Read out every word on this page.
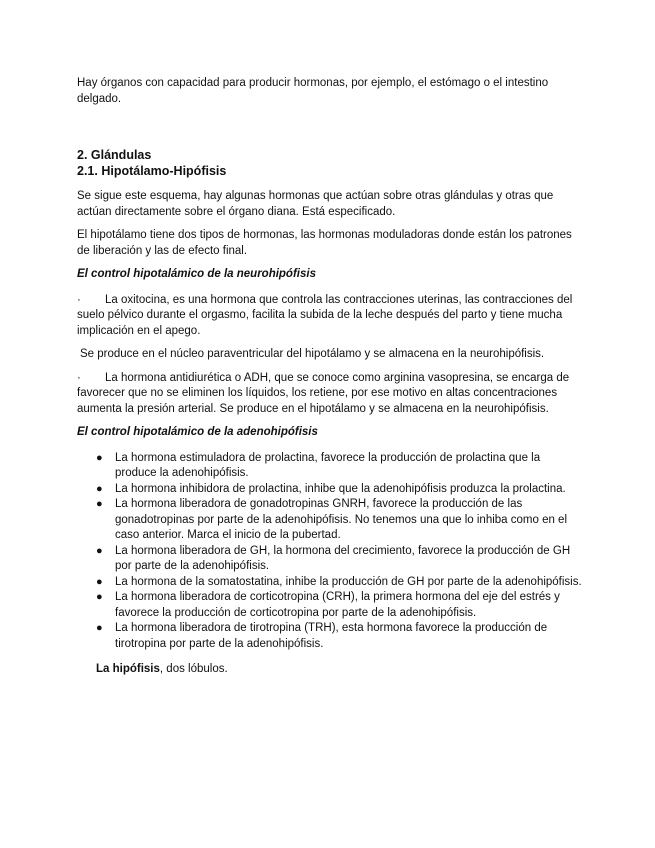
Hay órganos con capacidad para producir hormonas, por ejemplo, el estómago o el intestino delgado.

2. Glándulas
2.1. Hipotálamo-Hipófisis

Se sigue este esquema, hay algunas hormonas que actúan sobre otras glándulas y otras que actúan directamente sobre el órgano diana. Está especificado.

El hipotálamo tiene dos tipos de hormonas, las hormonas moduladoras donde están los patrones de liberación y las de efecto final.

El control hipotalámico de la neurohipófisis

· La oxitocina, es una hormona que controla las contracciones uterinas, las contracciones del suelo pélvico durante el orgasmo, facilita la subida de la leche después del parto y tiene mucha implicación en el apego.

Se produce en el núcleo paraventricular del hipotálamo y se almacena en la neurohipófisis.

· La hormona antidiurética o ADH, que se conoce como arginina vasopresina, se encarga de favorecer que no se eliminen los líquidos, los retiene, por ese motivo en altas concentraciones aumenta la presión arterial. Se produce en el hipotálamo y se almacena en la neurohipófisis.

El control hipotalámico de la adenohipófisis

● La hormona estimuladora de prolactina, favorece la producción de prolactina que la produce la adenohipófisis.
● La hormona inhibidora de prolactina, inhibe que la adenohipófisis produzca la prolactina.
● La hormona liberadora de gonadotropinas GNRH, favorece la producción de las gonadotropinas por parte de la adenohipófisis. No tenemos una que lo inhiba como en el caso anterior. Marca el inicio de la pubertad.
● La hormona liberadora de GH, la hormona del crecimiento, favorece la producción de GH por parte de la adenohipófisis.
● La hormona de la somatostatina, inhibe la producción de GH por parte de la adenohipófisis.
● La hormona liberadora de corticotropina (CRH), la primera hormona del eje del estrés y favorece la producción de corticotropina por parte de la adenohipófisis.
● La hormona liberadora de tirotropina (TRH), esta hormona favorece la producción de tirotropina por parte de la adenohipófisis.

La hipófisis, dos lóbulos.
